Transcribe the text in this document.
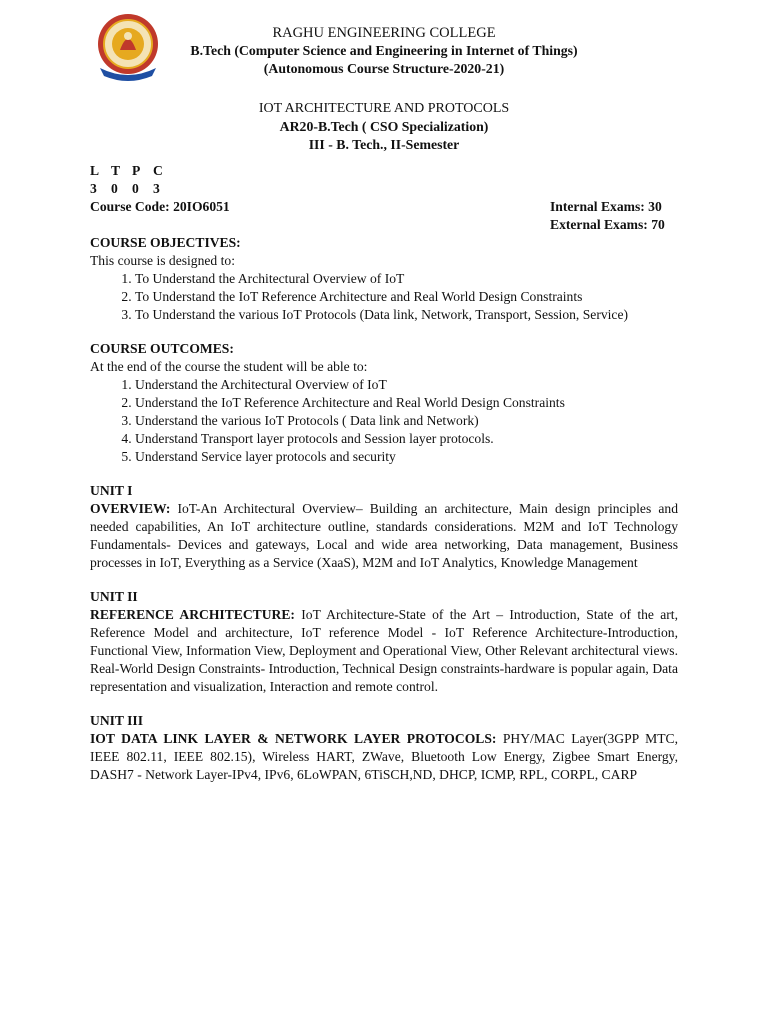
RAGHU ENGINEERING COLLEGE
B.Tech (Computer Science and Engineering in Internet of Things)
(Autonomous Course Structure-2020-21)
IOT ARCHITECTURE AND PROTOCOLS
AR20-B.Tech ( CSO Specialization)
III - B. Tech., II-Semester
L T P C
3 0 0 3
Course Code: 20IO6051	Internal Exams: 30
External Exams: 70
COURSE OBJECTIVES:
This course is designed to:
1. To Understand the Architectural Overview of IoT
2. To Understand the IoT Reference Architecture and Real World Design Constraints
3. To Understand the various IoT Protocols (Data link, Network, Transport, Session, Service)
COURSE OUTCOMES:
At the end of the course the student will be able to:
1. Understand the Architectural Overview of IoT
2. Understand the IoT Reference Architecture and Real World Design Constraints
3. Understand the various IoT Protocols ( Data link and Network)
4. Understand Transport layer protocols and Session layer protocols.
5. Understand Service layer protocols and security
UNIT I
OVERVIEW: IoT-An Architectural Overview– Building an architecture, Main design principles and needed capabilities, An IoT architecture outline, standards considerations. M2M and IoT Technology Fundamentals- Devices and gateways, Local and wide area networking, Data management, Business processes in IoT, Everything as a Service (XaaS), M2M and IoT Analytics, Knowledge Management
UNIT II
REFERENCE ARCHITECTURE: IoT Architecture-State of the Art – Introduction, State of the art, Reference Model and architecture, IoT reference Model - IoT Reference Architecture-Introduction, Functional View, Information View, Deployment and Operational View, Other Relevant architectural views. Real-World Design Constraints- Introduction, Technical Design constraints-hardware is popular again, Data representation and visualization, Interaction and remote control.
UNIT III
IOT DATA LINK LAYER & NETWORK LAYER PROTOCOLS: PHY/MAC Layer(3GPP MTC, IEEE 802.11, IEEE 802.15), Wireless HART, ZWave, Bluetooth Low Energy, Zigbee Smart Energy, DASH7 - Network Layer-IPv4, IPv6, 6LoWPAN, 6TiSCH,ND, DHCP, ICMP, RPL, CORPL, CARP
